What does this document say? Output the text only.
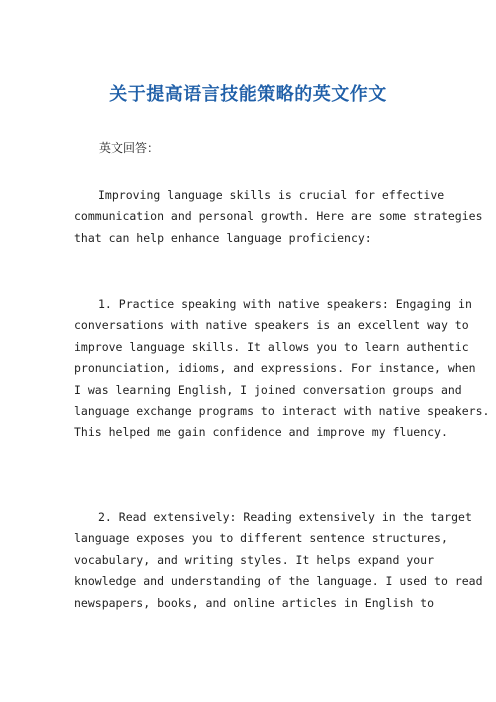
关于提高语言技能策略的英文作文
英文回答：

Improving language skills is crucial for effective
communication and personal growth. Here are some strategies
that can help enhance language proficiency:

1. Practice speaking with native speakers: Engaging in
conversations with native speakers is an excellent way to
improve language skills. It allows you to learn authentic
pronunciation, idioms, and expressions. For instance, when
I was learning English, I joined conversation groups and
language exchange programs to interact with native speakers.
This helped me gain confidence and improve my fluency.

2. Read extensively: Reading extensively in the target
language exposes you to different sentence structures,
vocabulary, and writing styles. It helps expand your
knowledge and understanding of the language. I used to read
newspapers, books, and online articles in English to
